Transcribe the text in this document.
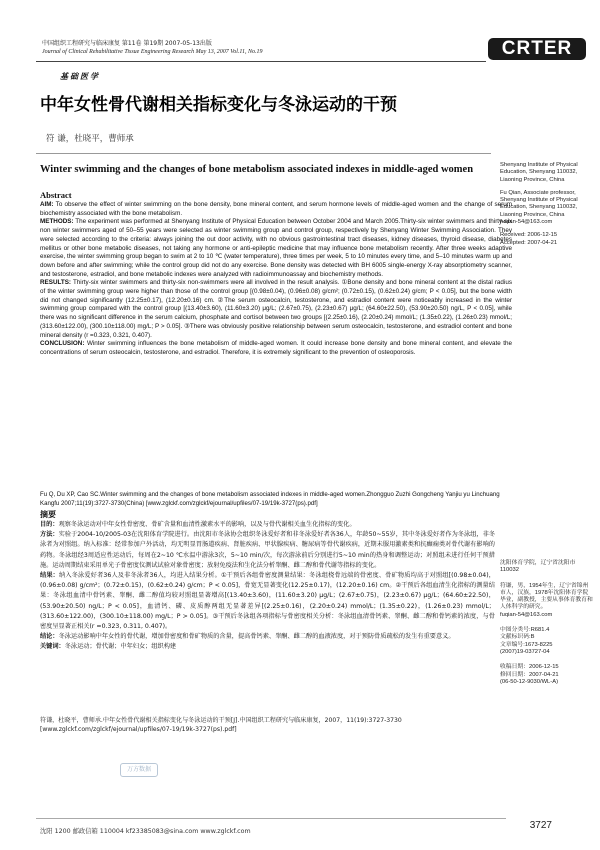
中国组织工程研究与临床康复 第11卷 第19期 2007-05-13出版
Journal of Clinical Rehabilitative Tissue Engineering Research May 13, 2007 Vol.11, No.19	CRTER
基础医学
中年女性骨代谢相关指标变化与冬泳运动的干预
符 谦，杜晓平，曹师承
Winter swimming and the changes of bone metabolism associated indexes in middle-aged women
Abstract

AIM: To observe the effect of winter swimming on the bone density, bone mineral content, and serum hormone levels of middle-aged women and the change of serum biochemistry associated with the bone metabolism.

METHODS: The experiment was performed at Shenyang Institute of Physical Education between October 2004 and March 2005.Thirty-six winter swimmers and thirty-six non winter swimmers aged of 50–55 years were selected as winter swimming group and control group, respectively by Shenyang Winter Swimming Association. They were selected according to the criteria: always joining the out door activity, with no obvious gastrointestinal tract diseases, kidney diseases, thyroid disease, diabetes mellitus or other bone metabolic diseases, not taking any hormone or anti-epileptic medicine that may influence bone metabolism recently. After three weeks adaptive exercise, the winter swimming group began to swim at 2 to 10 ℃ (water temperature), three times per week, 5 to 10 minutes every time, and 5–10 minutes warm up and down before and after swimming; while the control group did not do any exercise. Bone density was detected with BH 6005 single-energy X-ray absorptiometry scanner, and testosterone, estradiol, and bone metabolic indexes were analyzed with radioimmunoassay and biochemistry methods.

RESULTS: Thirty-six winter swimmers and thirty-six non-swimmers were all involved in the result analysis. ①Bone density and bone mineral content at the distal radius of the winter swimming group were higher than those of the control group [(0.98±0.04), (0.96±0.08) g/cm²; (0.72±0.15), (0.62±0.24) g/cm; P < 0.05], but the bone width did not changed significantly (12.25±0.17), (12.20±0.16) cm. ②The serum osteocalcin, testosterone, and estradiol content were noticeably increased in the winter swimming group compared with the control group [(13.40±3.60), (11.60±3.20) μg/L; (2.67±0.75), (2.23±0.67) μg/L; (64.60±22.50), (53.90±20.50) ng/L, P < 0.05], while there was no significant difference in the serum calcium, phosphate and cortisol between two groups [(2.25±0.16), (2.20±0.24) mmol/L; (1.35±0.22), (1.26±0.23) mmol/L; (313.60±122.00), (300.10±118.00) mg/L; P > 0.05]. ③There was obviously positive relationship between serum osteocalcin, testosterone, and estradiol content and bone mineral density (r =0.323, 0.321, 0.407).

CONCLUSION: Winter swimming influences the bone metabolism of middle-aged women. It could increase bone density and bone mineral content, and elevate the concentrations of serum osteocalcin, testosterone, and estradiol. Therefore, it is extremely significant to the prevention of osteoporosis.

Shenyang Institute of Physical Education, Shenyang 110032, Liaoning Province, China
Fu Qian, Associate professor, Shenyang Institute of Physical Education, Shenyang 110032, Liaoning Province, China
fuqian-54@163.com
Received: 2006-12-15
Accepted: 2007-04-21
Fu Q, Du XP, Cao SC.Winter swimming and the changes of bone metabolism associated indexes in middle-aged women.Zhongguo Zuzhi Gongcheng Yanjiu yu Linchuang Kangfu 2007;11(19):3727-3730(China) [www.zglckf.com/zglckf/ejournal/upfiles/07-19/19k-3727(ps).pdf]

摘要

目的：观察冬泳运动对中年女性骨密度、骨矿含量和血清性激素水平的影响，以及与骨代谢相关血生化指标的变化。

方法：实验于2004-10/2005-03在沈阳体育学院进行。由沈阳市冬泳协会组织冬泳爱好者和非冬泳爱好者各36人，年龄50~55岁，其中冬泳爱好者作为冬泳组，非冬泳者为对照组。纳入标准：经常参加户外活动，均无明显胃肠道疾病、肾脏疾病、甲状腺疾病、糖尿病等骨代谢疾病，近期未服用激素类和抗癫痫类对骨代谢有影响的药物。冬泳组经3周适应性运动后，每周在2~10 ℃水温中游泳3次，5~10 min/次，每次游泳前后分别进行5~10 min的热身和调整运动；对照组未进行任何干预措施。运动周期结束采用单光子骨密度仪测试试验对象骨密度；放射免疫法和生化法分析睾酮、雌二醇和骨代谢等指标的变化。

结果：纳入冬泳爱好者36人及非冬泳者36人，均进入结果分析。①干预后各组骨密度测量结果：冬泳组桡骨远端的骨密度、骨矿物质均高于对照组[(0.98±0.04)，(0.96±0.08) g/cm²；(0.72±0.15)，(0.62±0.24) g/cm；P < 0.05]，骨宽无显著变化(12.25±0.17)，(12.20±0.16) cm。②干预后各组血清生化指标的测量结果：冬泳组血清中骨钙素、睾酮、雌二醇值均较对照组显著增高[(13.40±3.60)，(11.60±3.20) μg/L；(2.67±0.75)，(2.23±0.67) μg/L；(64.60±22.50)，(53.90±20.50) ng/L；P < 0.05]，血清钙、磷、皮质醇两组无显著差异[(2.25±0.16)，(2.20±0.24) mmol/L；(1.35±0.22)，(1.26±0.23) mmol/L；(313.60±122.00)，(300.10±118.00) mg/L；P > 0.05]。③干预后冬泳组各项指标与骨密度相关分析：冬泳组血清骨钙素、睾酮、雌二醇和骨钙素的浓度，与骨密度呈显著正相关(r =0.323, 0.311, 0.407)。

结论：冬泳运动影响中年女性的骨代谢，增加骨密度和骨矿物质的含量，提高骨钙素、睾酮、雌二醇的血液浓度，对于预防骨质疏松的发生有重要意义。

关键词：冬泳运动；骨代谢；中年妇女；组织构建

沈阳体育学院，辽宁省沈阳市 110032
符谦，男，1954年生，辽宁省锦州市人，汉族，1978年沈阳体育学院毕业，副教授，主要从事体育教育和人体科学的研究。
fuqian-54@163.com
中图分类号:R681.4
文献标识码:B
文章编号:1673-8225
(2007)19-03727-04
收稿日期：2006-12-15
修回日期：2007-04-21
(06-50-12-9030/WL-A)
符谦，杜晓平，曹师承.中年女性骨代谢相关指标变化与冬泳运动的干预[J].中国组织工程研究与临床康复，2007，11(19):3727-3730 [www.zglckf.com/zglckf/ejournal/upfiles/07-19/19k-3727(ps).pdf]
万方数据
沈阳 1200 邮政信箱 110004 kf23385083@sina.com www.zglckf.com
3727
